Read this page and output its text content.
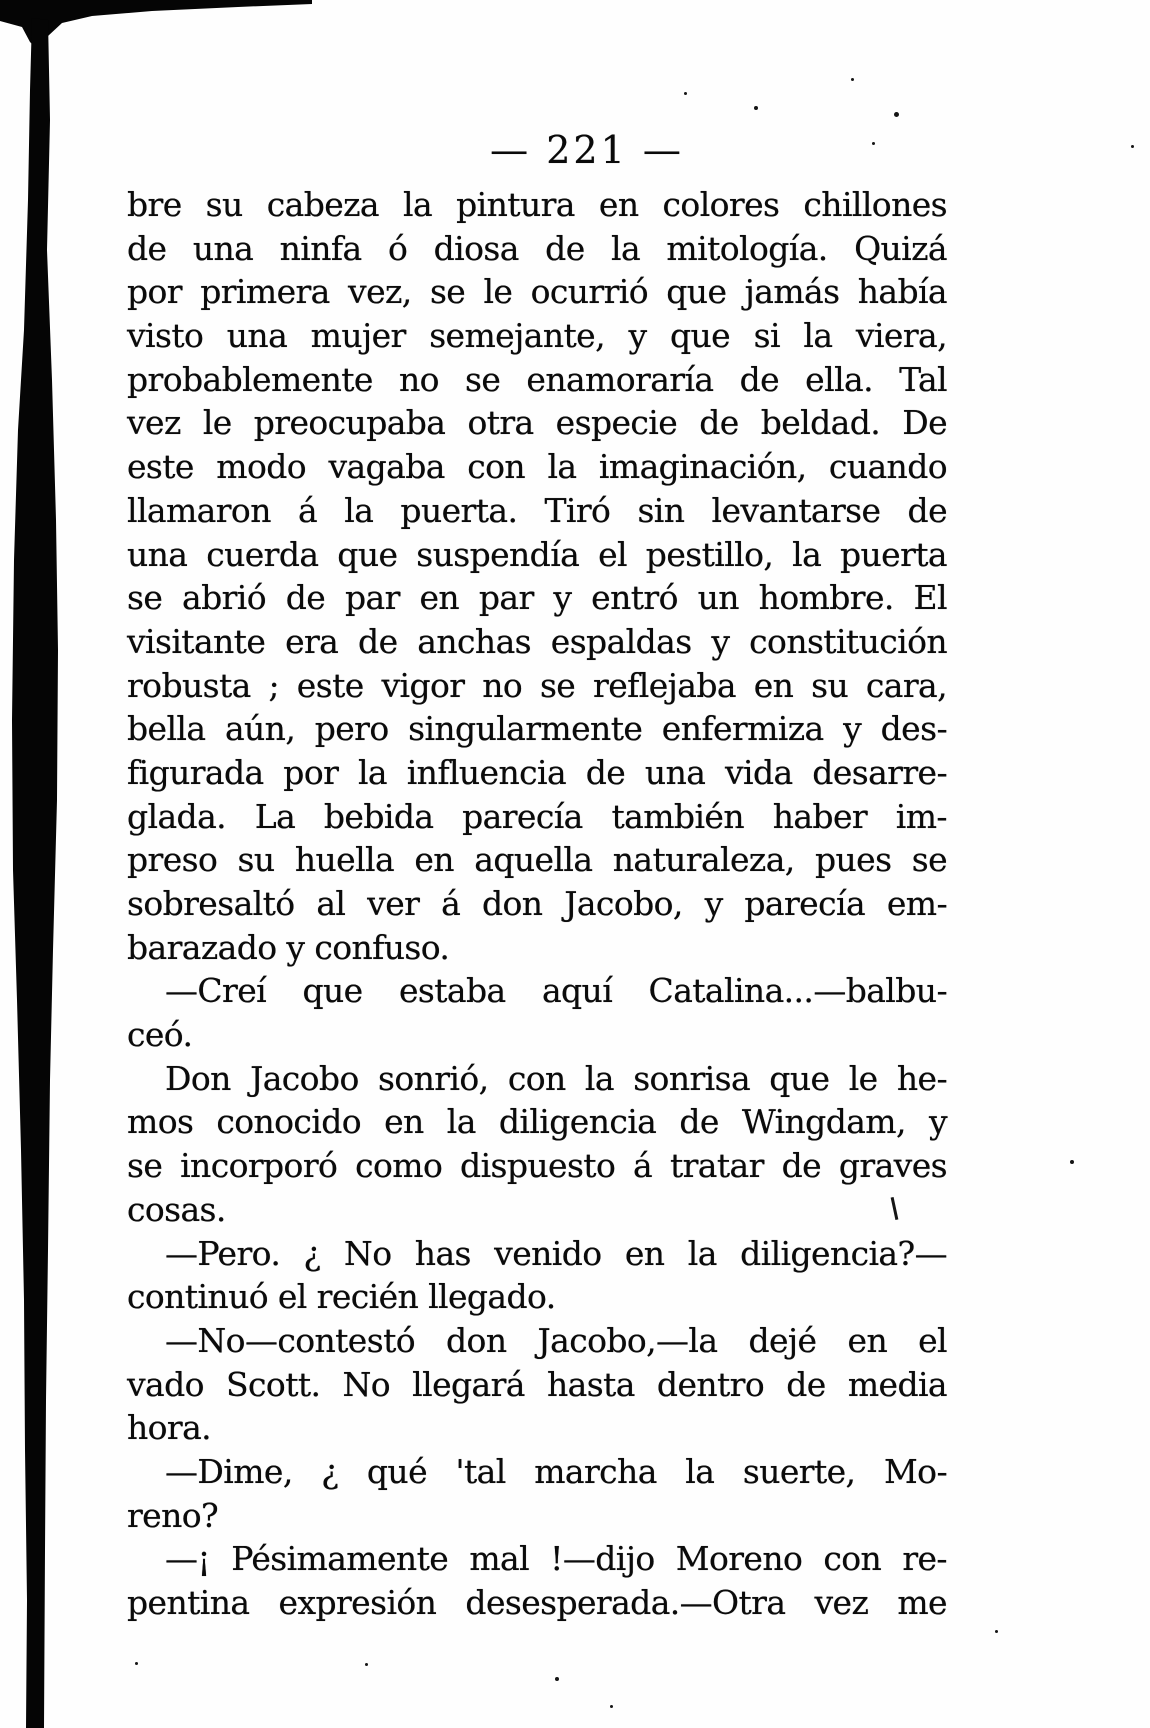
— 221 —
bre su cabeza la pintura en colores chillones
de una ninfa ó diosa de la mitología. Quizá
por primera vez, se le ocurrió que jamás había
visto una mujer semejante, y que si la viera,
probablemente no se enamoraría de ella. Tal
vez le preocupaba otra especie de beldad. De
este modo vagaba con la imaginación, cuando
llamaron á la puerta. Tiró sin levantarse de
una cuerda que suspendía el pestillo, la puerta
se abrió de par en par y entró un hombre. El
visitante era de anchas espaldas y constitución
robusta ; este vigor no se reflejaba en su cara,
bella aún, pero singularmente enfermiza y des-
figurada por la influencia de una vida desarre-
glada. La bebida parecía también haber im-
preso su huella en aquella naturaleza, pues se
sobresaltó al ver á don Jacobo, y parecía em-
barazado y confuso.
—Creí que estaba aquí Catalina...—balbu-
ceó.
Don Jacobo sonrió, con la sonrisa que le he-
mos conocido en la diligencia de Wingdam, y
se incorporó como dispuesto á tratar de graves
cosas.
—Pero. ¿ No has venido en la diligencia?—
continuó el recién llegado.
—No—contestó don Jacobo,—la dejé en el
vado Scott. No llegará hasta dentro de media
hora.
—Dime, ¿ qué 'tal marcha la suerte, Mo-
reno?
—¡ Pésimamente mal !—dijo Moreno con re-
pentina expresión desesperada.—Otra vez me
